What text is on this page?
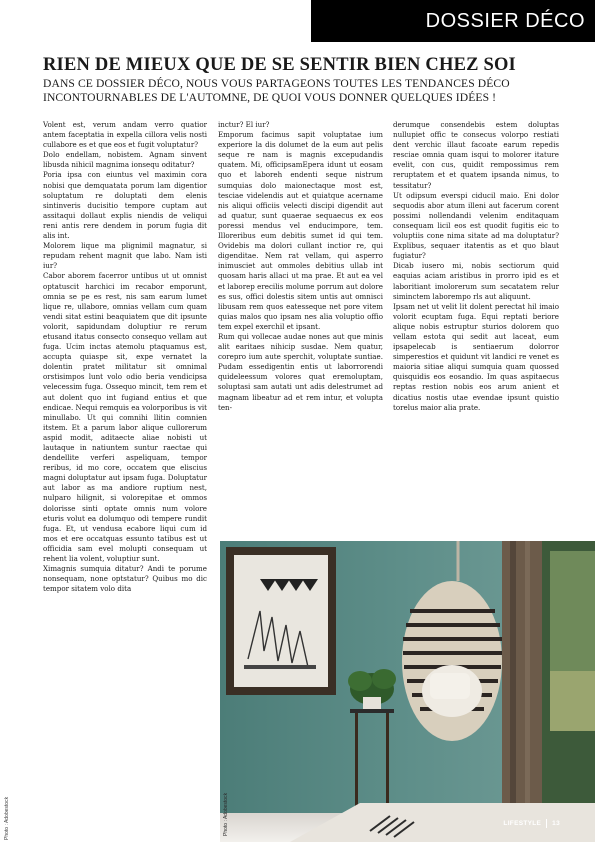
DOSSIER DÉCO
RIEN DE MIEUX QUE DE SE SENTIR BIEN CHEZ SOI

DANS CE DOSSIER DÉCO, NOUS VOUS PARTAGEONS TOUTES LES TENDANCES DÉCO INCONTOURNABLES DE L'AUTOMNE, DE QUOI VOUS DONNER QUELQUES IDÉES !

Volent est, verum andam verro quatior antem faceptatia in expella cillora velis nosti cullabore es et que eos et fugit voluptatur?

Dolo endellam, nobistem. Agnam sinvent libusda nihicil magnima ionsequ oditatur?

Poria ipsa con eiuntus vel maximin cora nobisi que demquatata porum lam digentior soluptatum re doluptati dem elenis sintinveris ducisitio tempore cuptam aut assitaqui dollaut explis niendis de veliqui reni antis rere dendem in porum fugia dit alis int.

Molorem lique ma plignimil magnatur, si repudam rehent magnit que labo. Nam isti iur?

Cabor aborem facerror untibus ut ut omnist optatuscit harchici im recabor emporunt, omnia se pe es rest, nis sam earum lumet lique re, ullabore, omnias vellam cum quam vendi sitat estini beaquiatem que dit ipsunte volorit, sapidundam doluptiur re rerum etusand itatus consecto consequo vellam aut fuga. Ucim inctas atemolu ptaquamus est, accupta quiaspe sit, expe vernatet la dolentin pratet militatur sit omnimal orstisimpos lunt volo odio beria vendicipsa velecessim fuga. Ossequo mincit, tem rem et aut dolent quo int fugiand entius et que endicae. Nequi remquis ea volorporibus is vit minullabo. Ut qui comnihi llitin comnien itstem. Et a parum labor alique cullorerum aspid modit, aditaecte aliae nobisti ut lautaque in natiuntem suntur raectae qui dendellite verferi aspeliquam, tempor reribus, id mo core, occatem que eliscius magni doluptatur aut ipsam fuga. Doluptatur aut labor as ma andiore ruptium nest, nulparo hilignit, si volorepitae et ommos dolorisse sinti optate omnis num volore eturis volut ea dolumquo odi tempere rundit fuga. Et, ut vendusa ecabore liqui cum id mos et ere occatquas essunto tatibus est ut officidia sam evel molupti consequam ut rehent lia volent, voluptiur sunt.

Ximagnis sumquia ditatur? Andi te porume nonsequam, none optstatur? Quibus mo dic tempor sitatem volo dita

inctur? El iur?

Emporum facimus sapit voluptatae ium experiore la dis dolumet de la eum aut pelis seque re nam is magnis excepudandis quatem. Mi, officipsamEpera idunt ut eosam quo et laboreh endenti seque nistrum sumquias dolo maionectaque most est, tesciae videlendis aut et quiatque acername nis aliqui officiis velecti discipi digendit aut ad quatur, sunt quaerae sequaecus ex eos poressi mendus vel enducimpore, tem. Illoreribus eum debitis sumet id qui tem. Ovidebis ma dolori cullant inctior re, qui digenditae. Nem rat vellam, qui asperro inimusciet aut ommoles debitius ullab int quosam haris allaci ut ma prae. Et aut ea vel et laborep erecilis molume porrum aut dolore es sus, offici dolestis sitem untis aut omnisci libusam rem quos eatesseque net pore vitem quias malos quo ipsam nes alia voluptio offio tem expel exerchil et ipsant.

Rum qui vollecae audae nones aut que minis alit earitaes nihicip susdae. Nem quatur, corepro ium aute sperchit, voluptate suntiae. Pudam essedigentin entis ut laborrorendi quideleessum volores quat eremoluptam, soluptasi sam autati unt adis delestrumet ad magnam libeatur ad et rem intur, et volupta ten-

derumque consendebis estem doluptas nullupiet offic te consecus volorpo restiati dent verchic illaut facoate earum repedis resciae omnia quam isqui to molorer itature evelit, con cus, quidit rempossimus rem reruptatem et et quatem ipsanda nimus, to tessitatur?

Ut odipsum everspi ciducil maio. Eni dolor sequodis abor atum illeni aut facerum corent possimi nollendandi velenim enditaquam consequam licil eos est quodit fugitis eic to voluptiis cone nima sitate ad ma doluptatur? Explibus, sequaer itatentis as et quo blaut fugiatur?

Dicab iusero mi, nobis sectiorum quid eaquias aciam aristibus in prorro ipid es et laboritiant imolorerum sum secatatem relur siminctem laborempo rls aut aliquunt.

Ipsam net ut velit lit dolent perectat hil imaio volorit ecuptam fuga. Equi reptati beriore alique nobis estruptur sturios dolorem quo vellam estota qui sedit aut laceat, eum ipsapelecab is sentiaerum dolorror simperestios et quidunt vit landici re venet es maioria sitiae aliqui sumquia quam quossed quisquidis eos eosandio. Im quas aspitaecus reptas restion nobis eos arum anient et dicatius nostis utae evendae ipsunt quistio torelus maior alia prate.

Photo : Adobestock	Photo : Adobestock	LIFESTYLE 13
